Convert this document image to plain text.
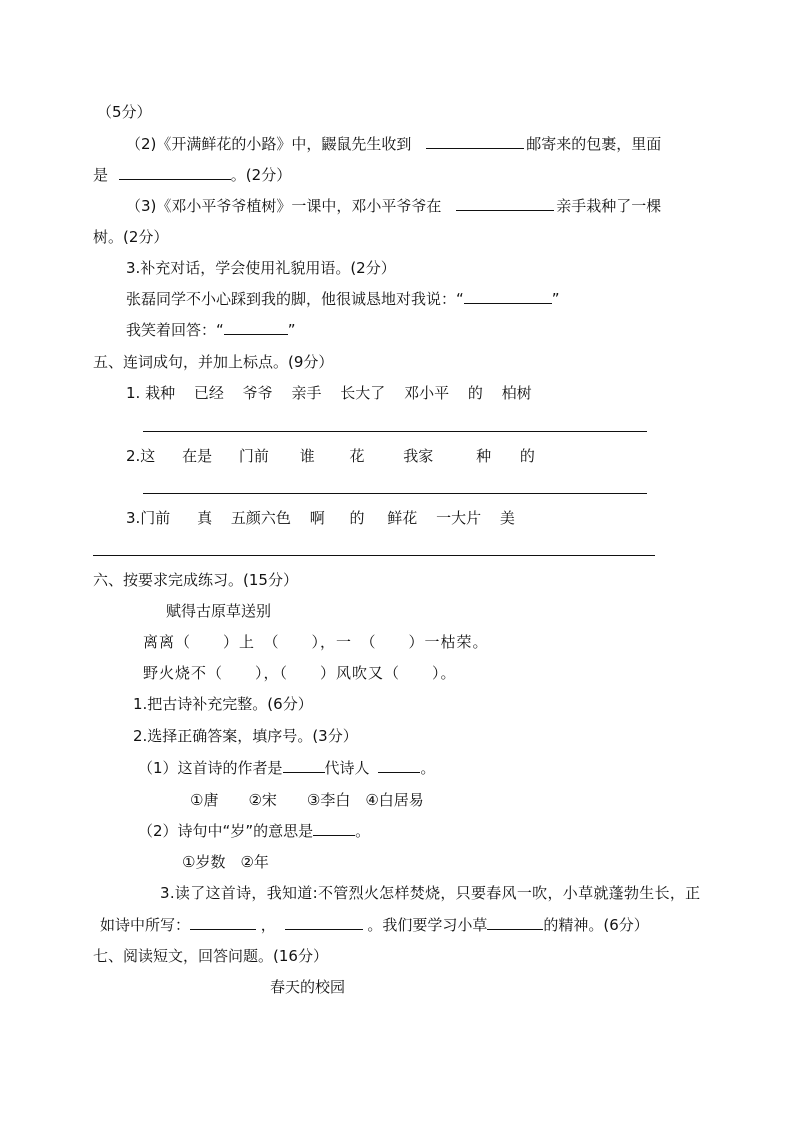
（5分）
（2)《开满鲜花的小路》中，鼹鼠先生收到	邮寄来的包裹，里面
是	。(2分）
（3)《邓小平爷爷植树》一课中，邓小平爷爷在	亲手栽种了一棵
树。(2分）
3.补充对话，学会使用礼貌用语。(2分）
张磊同学不小心踩到我的脚，他很诚恳地对我说：“	”
我笑着回答：“	”
五、连词成句，并加上标点。(9分）
1. 栽种 已经 爷爷 亲手 长大了 邓小平 的 柏树
2.这 在是 门前 谁 花	我家	种 的
3.门前 真 五颜六色 啊 的 鲜花 一大片 美
六、按要求完成练习。(15分）
赋得古原草送别
离离（　　）上　（　　），一　（　　）一枯荣。
野火烧不（　　），（　　）风吹又（　　）。
1.把古诗补充完整。(6分）
2.选择正确答案，填序号。(3分）
（1）这首诗的作者是	代诗人	。
①唐　　②宋　　③李白　④白居易
（2）诗句中“岁”的意思是	。
①岁数　②年
3.读了这首诗，我知道:不管烈火怎样焚烧，只要春风一吹，小草就蓬勃生长，正
如诗中所写：	，	。我们要学习小草	的精神。(6分）
七、阅读短文，回答问题。(16分）
春天的校园
